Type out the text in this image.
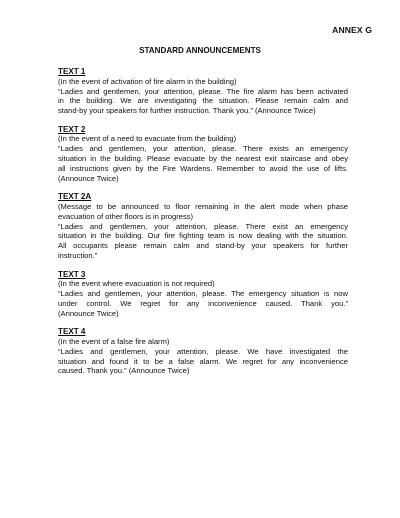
ANNEX G
STANDARD ANNOUNCEMENTS
TEXT 1
(In the event of activation of fire alarm in the building)
“Ladies and gentlemen, your attention, please. The fire alarm has been activated
in the building. We are investigating the situation. Please remain calm and
stand-by your speakers for further instruction. Thank you.” (Announce Twice)
TEXT 2
(In the event of a need to evacuate from the building)
“Ladies and gentlemen, your attention, please. There exists an emergency
situation in the building. Please evacuate by the nearest exit staircase and obey
all instructions given by the Fire Wardens. Remember to avoid the use of lifts.
(Announce Twice)
TEXT 2A
(Message to be announced to floor remaining in the alert mode when phase
evacuation of other floors is in progress)
“Ladies and gentlemen, your attention, please. There exist an emergency
situation in the building. Our fire fighting team is now dealing with the situation.
All occupants please remain calm and stand-by your speakers for further
instruction.”
TEXT 3
(In the event where evacuation is not required)
“Ladies and gentlemen, your attention, please. The emergency situation is now
under control. We regret for any inconvenience caused. Thank you.”
(Announce Twice)
TEXT 4
(In the event of a false fire alarm)
“Ladies and gentlemen, your attention, please. We have investigated the
situation and found it to be a false alarm. We regret for any inconvenience
caused. Thank you.” (Announce Twice)
